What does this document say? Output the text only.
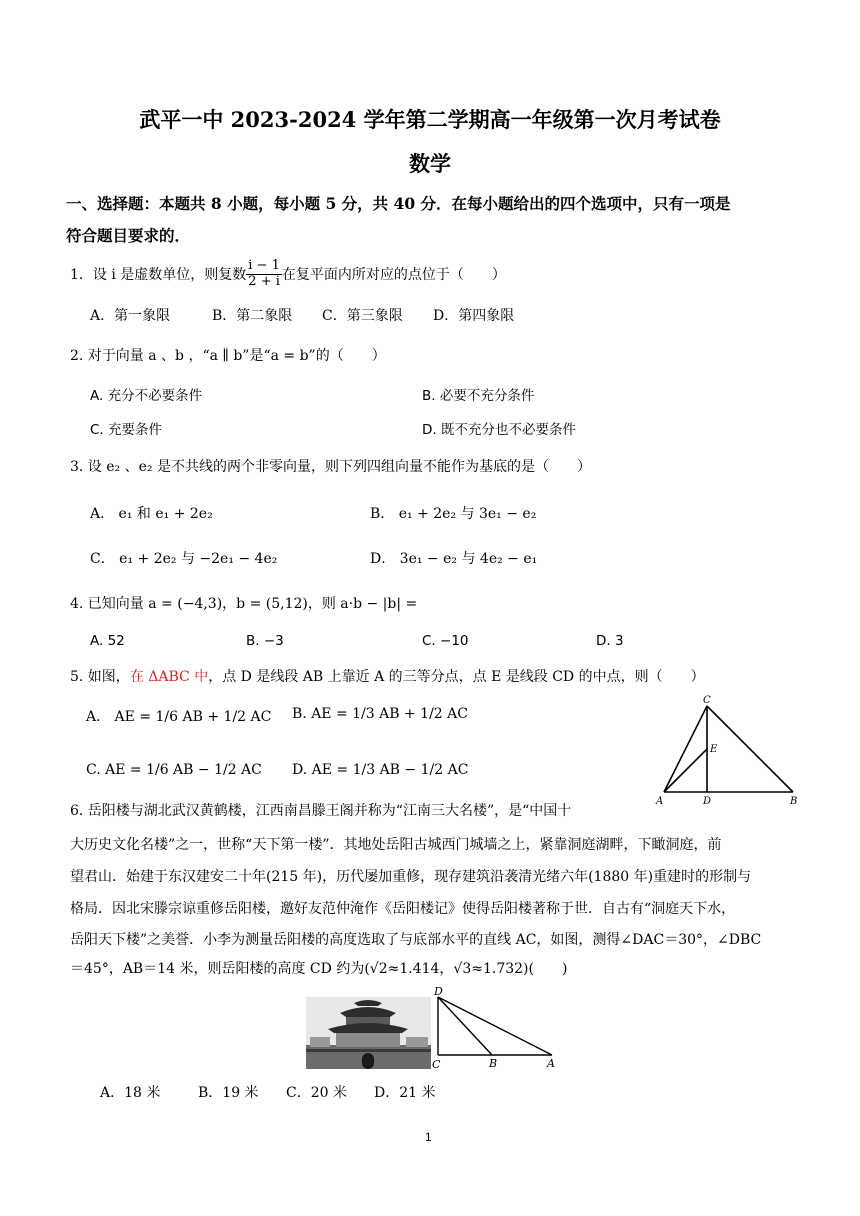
武平一中 2023-2024 学年第二学期高一年级第一次月考试卷
数学
一、选择题：本题共 8 小题，每小题 5 分，共 40 分．在每小题给出的四个选项中，只有一项是
符合题目要求的．
1．设 i 是虚数单位，则复数 $\frac{i - 1}{2 + i}$ 在复平面内所对应的点位于（　　）
A．第一象限	B．第二象限 C．第三象限 D．第四象限
2. 对于向量 a 、b ，“a ∥ b”是“a = b”的（　　）
A. 充分不必要条件	B. 必要不充分条件
C. 充要条件	D. 既不充分也不必要条件
3. 设 e₂ 、e₂ 是不共线的两个非零向量，则下列四组向量不能作为基底的是（　　）
A． e₁ 和 e₁ + 2e₂	B． e₁ + 2e₂ 与 3e₁ − e₂
C． e₁ + 2e₂ 与 −2e₁ − 4e₂	D． 3e₁ − e₂ 与 4e₂ − e₁
4. 已知向量 a = (−4,3)，b = (5,12)，则 a·b − |b| =
A. 52	B. −3	C. −10	D. 3
5. 如图，在 ΔABC 中，点 D 是线段 AB 上靠近 A 的三等分点，点 E 是线段 CD 的中点，则（　　）
A． AE = 1/6 AB + 1/2 AC B. AE = 1/3 AB + 1/2 AC
C. AE = 1/6 AB − 1/2 AC D. AE = 1/3 AB − 1/2 AC
C
E
A	D	B
6. 岳阳楼与湖北武汉黄鹤楼，江西南昌滕王阁并称为“江南三大名楼”，是“中国十
大历史文化名楼”之一，世称“天下第一楼”．其地处岳阳古城西门城墙之上，紧靠洞庭湖畔，下瞰洞庭，前
望君山．始建于东汉建安二十年(215 年)，历代屡加重修，现存建筑沿袭清光绪六年(1880 年)重建时的形制与
格局．因北宋滕宗谅重修岳阳楼，邀好友范仲淹作《岳阳楼记》使得岳阳楼著称于世．自古有“洞庭天下水，
岳阳天下楼”之美誉．小李为测量岳阳楼的高度选取了与底部水平的直线 AC，如图，测得∠DAC＝30°，∠DBC
＝45°，AB＝14 米，则岳阳楼的高度 CD 约为(√2≈1.414，√3≈1.732)(　　)
D
C	B	A
A．18 米	B．19 米 C．20 米 D．21 米
1
